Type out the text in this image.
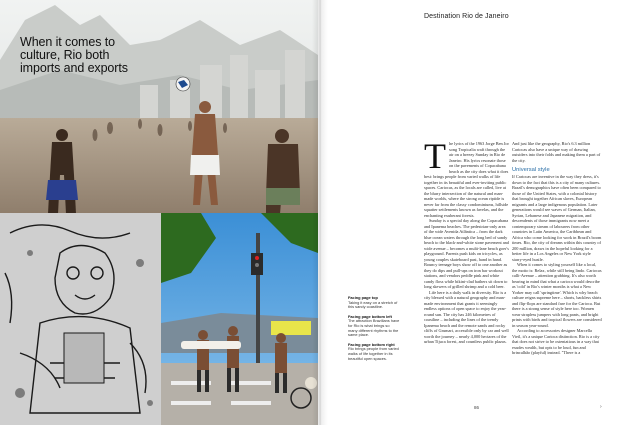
When it comes to culture, Rio both imports and exports
Destination Rio de Janeiro
Facing page top
Taking it easy on a stretch of this sandy coastline.
Facing page bottom left
The attraction Brazilians have for Rio is what brings so many different rhythms to the same place.
Facing page bottom right
Rio brings people from varied walks of life together in its beautiful open spaces.
T he lyrics of the 1963 Jorge Ben Jor song Tropicalia waft through the air on a breezy Sunday in Rio de Janeiro. His lyrics resonate those on the pavements of Copacabana beach as the city does what it does best: brings people from varied walks of life together in its beautiful and ever-inviting public spaces. Cariocas, as the locals are called, live at the blurry intersection of the natural and man-made worlds, where the strong ocean riptide is never far from the classy condominiums, hillside squatter settlements known as favelas, and the enchanting exuberant forests.

Sunday is a special day along the Copacabana and Ipanema beaches. The pedestrian-only area of the wide Avenida Atlântica – from the dark blue ocean waters through the long bed of sandy beach to the black-and-white stone pavement and wide avenue – becomes a multi-lane beach goer's playground. Parents push kids on tricycles, as young couples skateboard past, hand in hand. Bouncy teenage boys show off to one another as they do dips and pull-ups on iron bar workout stations, and vendors peddle pink and white candy floss while bikini-clad bathers sit down to long skewers of grilled shrimp and a cold beer.

Life here is a daily walk in diversity. Rio is a city blessed with a natural geography and man-made environment that grants it seemingly endless options of open space to enjoy the year-round sun. The city has 246 kilometres of coastline – including the lines of the trendy Ipanema beach and the remote sands and rocky cliffs of Grumari, accessible only by car and well worth the journey – nearly 4,000 hectares of the urban Tijuca forest, and countless public plazas.

And just like the geography, Rio's 6.3 million Cariocas also have a unique way of drawing outsiders into their folds and making them a part of the city.

Universal style

If Cariocas are inventive in the way they dress, it's down to the fact that this is a city of many cultures. Brazil's demographics have often been compared to those of the United States, with a colonial history that brought together African slaves, European migrants and a large indigenous population. Later generations would see waves of German, Italian, Syrian, Lebanese and Japanese migration, and descendents of those immigrants now meet a contemporary stream of labourers from other countries in Latin America, the Caribbean and Africa who come looking for work in Brazil's boom times. Rio, the city of dreams within this country of 200 million, draws in the hopeful looking for a better life in a Los Angeles or New York style starry-eyed hustle.

When it comes to styling yourself like a local, the motto is: Relax, while still being lindo. Cariocas calli-Avenue – attention grabbing. It's also worth bearing in mind that what a carioca would describe as 'cold' in Rio's winter months is what a New Yorker may call 'springtime'. Which is why beach culture reigns supreme here – shorts, backless shirts and flip-flops are standard fare for the Carioca. But there is a strong sense of style here too. Women wear strapless jumpers with long pants, and bright prints with birds and tropical flowers are considered in season year-round.

According to accessories designer Marcella Vieil, it's a unique Carioca distinction. Rio is a city that does not strive to be ostentatious in a way that exudes wealth, but opts to be loud, fun and brincalhão (playful) instead. "There is a

86	›
